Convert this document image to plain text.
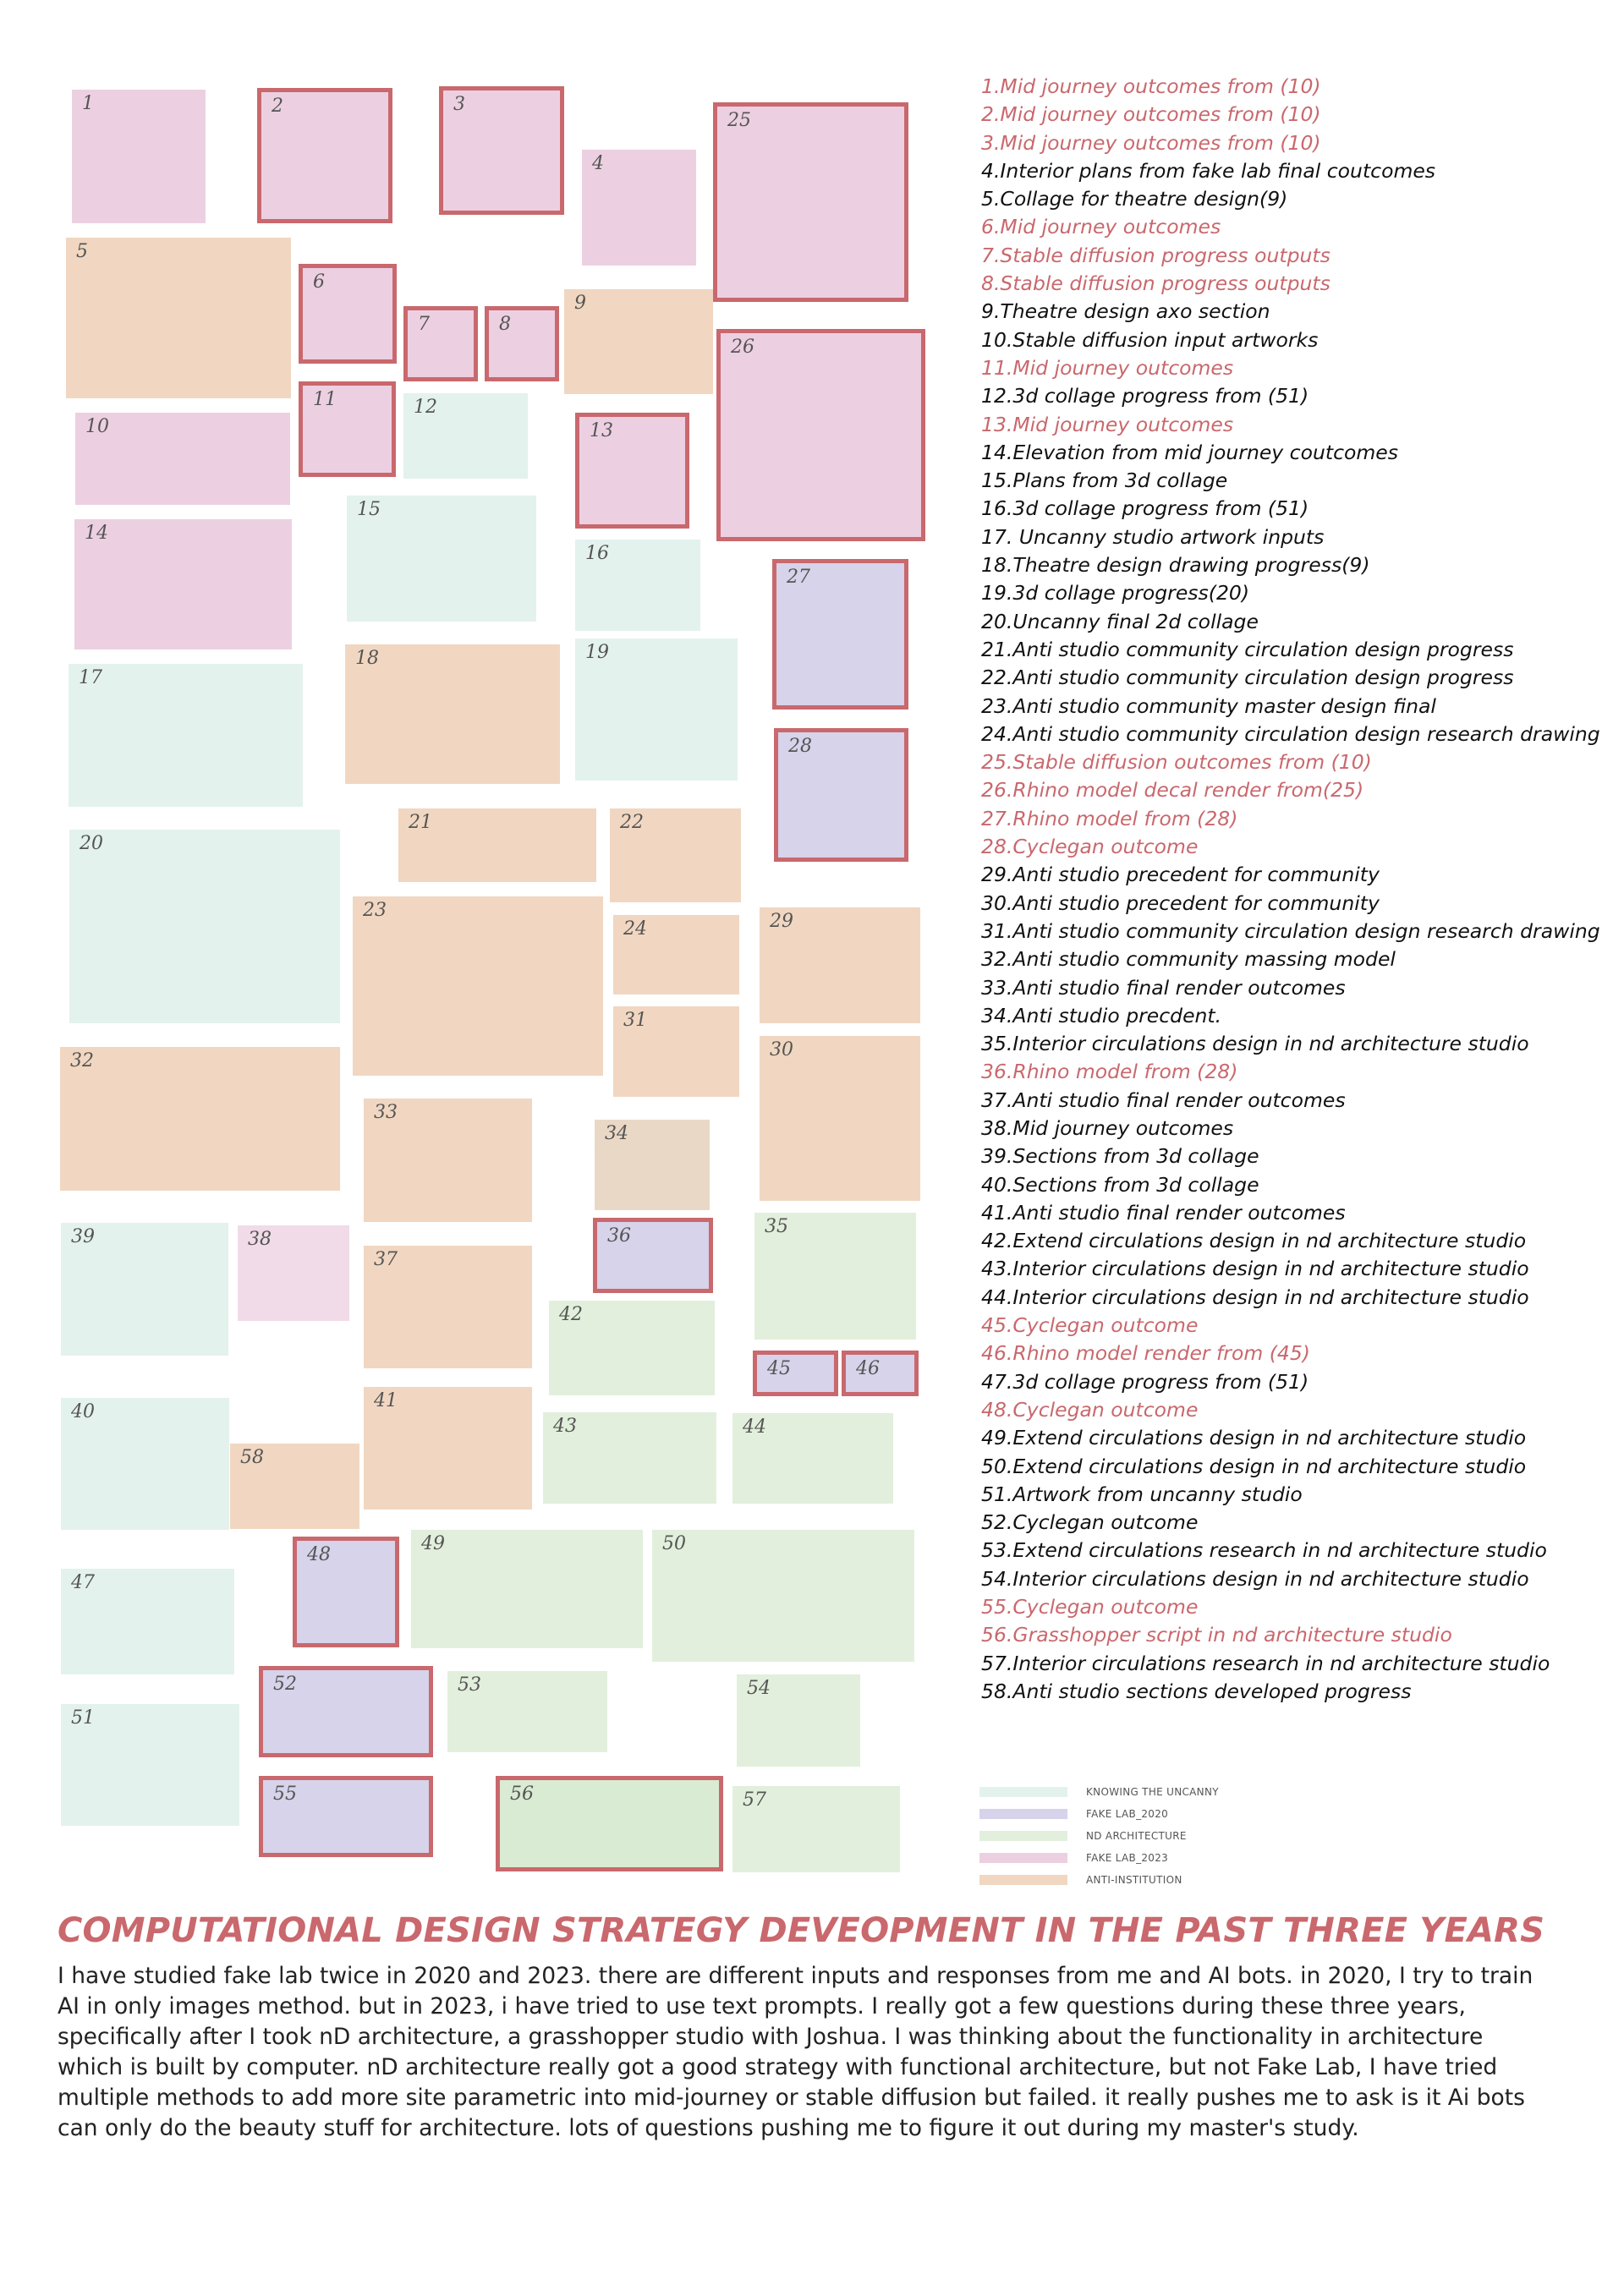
1	2	3
4
25
5
6
7	8
9
26
11	12
10	13
14
15
16
27
17
18	19
28
21	22
20
23
24	29
31
30
32
33
34
36	35
39	38
37
42
45	46
40
41
58
43	44
48
49	50
47
52	53	54
51
55	56	57
1.Mid journey outcomes from (10)
2.Mid journey outcomes from (10)
3.Mid journey outcomes from (10)
4.Interior plans from fake lab final coutcomes
5.Collage for theatre design(9)
6.Mid journey outcomes
7.Stable diffusion progress outputs
8.Stable diffusion progress outputs
9.Theatre design axo section
10.Stable diffusion input artworks
11.Mid journey outcomes
12.3d collage progress from (51)
13.Mid journey outcomes
14.Elevation from mid journey coutcomes
15.Plans from 3d collage
16.3d collage progress from (51)
17. Uncanny studio artwork inputs
18.Theatre design drawing progress(9)
19.3d collage progress(20)
20.Uncanny final 2d collage
21.Anti studio community circulation design progress
22.Anti studio community circulation design progress
23.Anti studio community master design final
24.Anti studio community circulation design research drawing
25.Stable diffusion outcomes from (10)
26.Rhino model decal render from(25)
27.Rhino model from (28)
28.Cyclegan outcome
29.Anti studio precedent for community
30.Anti studio precedent for community
31.Anti studio community circulation design research drawing
32.Anti studio community massing model
33.Anti studio final render outcomes
34.Anti studio precdent.
35.Interior circulations design in nd architecture studio
36.Rhino model from (28)
37.Anti studio final render outcomes
38.Mid journey outcomes
39.Sections from 3d collage
40.Sections from 3d collage
41.Anti studio final render outcomes
42.Extend circulations design in nd architecture studio
43.Interior circulations design in nd architecture studio
44.Interior circulations design in nd architecture studio
45.Cyclegan outcome
46.Rhino model render from (45)
47.3d collage progress from (51)
48.Cyclegan outcome
49.Extend circulations design in nd architecture studio
50.Extend circulations design in nd architecture studio
51.Artwork from uncanny studio
52.Cyclegan outcome
53.Extend circulations research in nd architecture studio
54.Interior circulations design in nd architecture studio
55.Cyclegan outcome
56.Grasshopper script in nd architecture studio
57.Interior circulations research in nd architecture studio
58.Anti studio sections developed progress
KNOWING THE UNCANNY
FAKE LAB_2020
ND ARCHITECTURE
FAKE LAB_2023
ANTI-INSTITUTION
COMPUTATIONAL DESIGN STRATEGY DEVEOPMENT IN THE PAST THREE YEARS

I have studied fake lab twice in 2020 and 2023. there are different inputs and responses from me and AI bots. in 2020, I try to train AI in only images method. but in 2023, i have tried to use text prompts. I really got a few questions during these three years, specifically after I took nD architecture, a grasshopper studio with Joshua. I was thinking about the functionality in architecture which is built by computer. nD architecture really got a good strategy with functional architecture, but not Fake Lab, I have tried multiple methods to add more site parametric into mid-journey or stable diffusion but failed. it really pushes me to ask is it Ai bots can only do the beauty stuff for architecture. lots of questions pushing me to figure it out during my master's study.
